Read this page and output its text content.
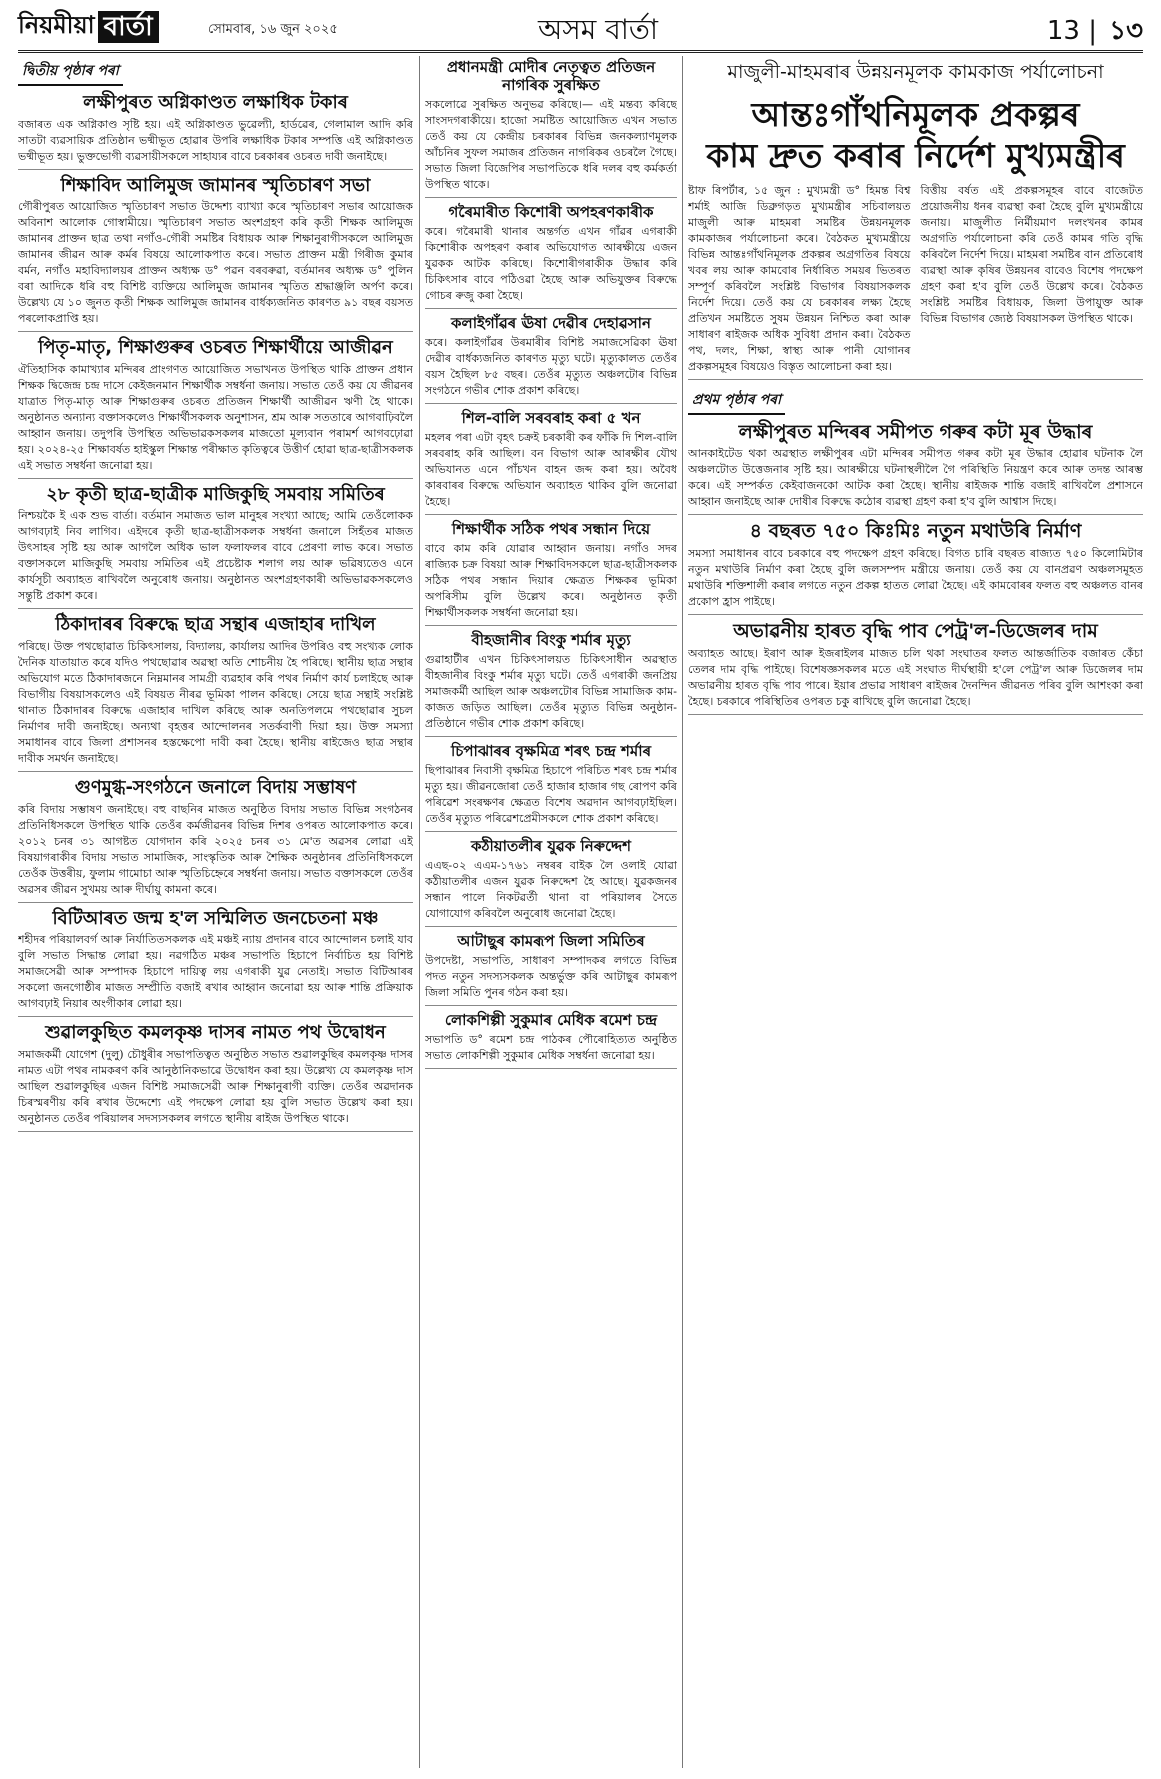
নিয়মীয়া বাৰ্তা	সোমবাৰ, ১৬ জুন ২০২৫	অসম বাৰ্তা	13 | ১৩
দ্বিতীয় পৃষ্ঠাৰ পৰা
লক্ষীপুৰত অগ্নিকাণ্ডত লক্ষাধিক টকাৰ

বজাৰত এক অগ্নিকাণ্ড সৃষ্টি হয়। এই অগ্নিকাণ্ডত ভুৱেল্যী, হাৰ্ডৱেৰ, গেলামাল আদি কৰি সাতটা ব্যৱসায়িক প্ৰতিষ্ঠান ভষ্মীভূত হোৱাৰ উপৰি লক্ষাধিক টকাৰ সম্পত্তি এই অগ্নিকাণ্ডত ভষ্মীভূত হয়। ভুক্তভোগী ব্যৱসায়ীসকলে সাহায্যৰ বাবে চৰকাৰৰ ওচৰত দাবী জনাইছে।

শিক্ষাবিদ আলিমুজ জামানৰ স্মৃতিচাৰণ সভা

গৌৰীপুৰত আয়োজিত স্মৃতিচাৰণ সভাত উদ্দেশ্য ব্যাখ্যা কৰে স্মৃতিচাৰণ সভাৰ আয়োজক অবিনাশ আলোক গোস্বামীয়ে। স্মৃতিচাৰণ সভাত অংশগ্ৰহণ কৰি কৃতী শিক্ষক আলিমুজ জামানৰ প্ৰাক্তন ছাত্ৰ তথা নগাঁও-গৌৰী সমষ্টিৰ বিধায়ক আৰু শিক্ষানুৰাগীসকলে আলিমুজ জামানৰ জীৱন আৰু কৰ্মৰ বিষয়ে আলোকপাত কৰে। সভাত প্ৰাক্তন মন্ত্ৰী গিৰীজ কুমাৰ বৰ্মন, নগাঁও মহাবিদ্যালয়ৰ প্ৰাক্তন অধ্যক্ষ ড° পৱন বৰবৰুৱা, বৰ্তমানৰ অধ্যক্ষ ড° পুলিন বৰা আদিকে ধৰি বহু বিশিষ্ট ব্যক্তিয়ে আলিমুজ জামানৰ স্মৃতিত শ্ৰদ্ধাঞ্জলি অৰ্পণ কৰে। উল্লেখ্য যে ১০ জুনত কৃতী শিক্ষক আলিমুজ জামানৰ বাৰ্ধক্যজনিত কাৰণত ৯১ বছৰ বয়সত পৰলোকপ্ৰাপ্তি হয়।

পিতৃ-মাতৃ, শিক্ষাগুৰুৰ ওচৰত শিক্ষাৰ্থীয়ে আজীৱন

ঐতিহাসিক কামাখ্যাৰ মন্দিৰৰ প্ৰাংগণত আয়োজিত সভাখনত উপস্থিত থাকি প্ৰাক্তন প্ৰধান শিক্ষক দ্বিজেন্দ্ৰ চন্দ্ৰ দাসে কেইজনমান শিক্ষাৰ্থীক সম্বৰ্ধনা জনায়। সভাত তেওঁ কয় যে জীৱনৰ যাত্ৰাত পিতৃ-মাতৃ আৰু শিক্ষাগুৰুৰ ওচৰত প্ৰতিজন শিক্ষাৰ্থী আজীৱন ঋণী হৈ থাকে। অনুষ্ঠানত অন্যান্য বক্তাসকলেও শিক্ষাৰ্থীসকলক অনুশাসন, শ্ৰম আৰু সততাৰে আগবাঢ়িবলৈ আহ্বান জনায়। তদুপৰি উপস্থিত অভিভাৱকসকলৰ মাজতো মূল্যবান পৰামৰ্শ আগবঢ়োৱা হয়। ২০২৪-২৫ শিক্ষাবৰ্ষত হাইস্কুল শিক্ষান্ত পৰীক্ষাত কৃতিত্বৰে উত্তীৰ্ণ হোৱা ছাত্ৰ-ছাত্ৰীসকলক এই সভাত সম্বৰ্ধনা জনোৱা হয়।

২৮ কৃতী ছাত্ৰ-ছাত্ৰীক মাজিকুছি সমবায় সমিতিৰ

নিশ্চয়কৈ ই এক শুভ বাৰ্তা। বৰ্তমান সমাজত ভাল মানুহৰ সংখ্যা আছে; আমি তেওঁলোকক আগবঢ়াই নিব লাগিব। এইদৰে কৃতী ছাত্ৰ-ছাত্ৰীসকলক সম্বৰ্ধনা জনালে সিহঁতৰ মাজত উৎসাহৰ সৃষ্টি হয় আৰু আগলৈ অধিক ভাল ফলাফলৰ বাবে প্ৰেৰণা লাভ কৰে। সভাত বক্তাসকলে মাজিকুছি সমবায় সমিতিৰ এই প্ৰচেষ্টাক শলাগ লয় আৰু ভৱিষ্যতেও এনে কাৰ্যসূচী অব্যাহত ৰাখিবলৈ অনুৰোধ জনায়। অনুষ্ঠানত অংশগ্ৰহণকাৰী অভিভাৱকসকলেও সন্তুষ্টি প্ৰকাশ কৰে।

ঠিকাদাৰৰ বিৰুদ্ধে ছাত্ৰ সন্থাৰ এজাহাৰ দাখিল

পৰিছে। উক্ত পথছোৱাত চিকিৎসালয়, বিদ্যালয়, কাৰ্যালয় আদিৰ উপৰিও বহু সংখ্যক লোক দৈনিক যাতায়াত কৰে যদিও পথছোৱাৰ অৱস্থা অতি শোচনীয় হৈ পৰিছে। স্থানীয় ছাত্ৰ সন্থাৰ অভিযোগ মতে ঠিকাদাৰজনে নিম্নমানৰ সামগ্ৰী ব্যৱহাৰ কৰি পথৰ নিৰ্মাণ কাৰ্য চলাইছে আৰু বিভাগীয় বিষয়াসকলেও এই বিষয়ত নীৰৱ ভূমিকা পালন কৰিছে। সেয়ে ছাত্ৰ সন্থাই সংশ্লিষ্ট থানাত ঠিকাদাৰৰ বিৰুদ্ধে এজাহাৰ দাখিল কৰিছে আৰু অনতিপলমে পথছোৱাৰ সুচল নিৰ্মাণৰ দাবী জনাইছে। অন্যথা বৃহত্তৰ আন্দোলনৰ সতৰ্কবাণী দিয়া হয়। উক্ত সমস্যা সমাধানৰ বাবে জিলা প্ৰশাসনৰ হস্তক্ষেপো দাবী কৰা হৈছে। স্থানীয় ৰাইজেও ছাত্ৰ সন্থাৰ দাবীক সমৰ্থন জনাইছে।

গুণমুগ্ধ-সংগঠনে জনালে বিদায় সম্ভাষণ

কৰি বিদায় সম্ভাষণ জনাইছে। বহু বাছনিৰ মাজত অনুষ্ঠিত বিদায় সভাত বিভিন্ন সংগঠনৰ প্ৰতিনিধিসকলে উপস্থিত থাকি তেওঁৰ কৰ্মজীৱনৰ বিভিন্ন দিশৰ ওপৰত আলোকপাত কৰে। ২০১২ চনৰ ৩১ আগষ্টত যোগদান কৰি ২০২৫ চনৰ ৩১ মে'ত অৱসৰ লোৱা এই বিষয়াগৰাকীৰ বিদায় সভাত সামাজিক, সাংস্কৃতিক আৰু শৈক্ষিক অনুষ্ঠানৰ প্ৰতিনিধিসকলে তেওঁক উত্তৰীয়, ফুলাম গামোচা আৰু স্মৃতিচিহ্নেৰে সম্বৰ্ধনা জনায়। সভাত বক্তাসকলে তেওঁৰ অৱসৰ জীৱন সুখময় আৰু দীৰ্ঘায়ু কামনা কৰে।

বিটিআৰত জন্ম হ'ল সন্মিলিত জনচেতনা মঞ্চ

শহীদৰ পৰিয়ালবৰ্গ আৰু নিৰ্যাতিতসকলক এই মঞ্চই ন্যায় প্ৰদানৰ বাবে আন্দোলন চলাই যাব বুলি সভাত সিদ্ধান্ত লোৱা হয়। নৱগঠিত মঞ্চৰ সভাপতি হিচাপে নিৰ্বাচিত হয় বিশিষ্ট সমাজসেৱী আৰু সম্পাদক হিচাপে দায়িত্ব লয় এগৰাকী যুৱ নেতাই। সভাত বিটিআৰৰ সকলো জনগোষ্ঠীৰ মাজত সম্প্ৰীতি বজাই ৰখাৰ আহ্বান জনোৱা হয় আৰু শান্তি প্ৰক্ৰিয়াক আগবঢ়াই নিয়াৰ অংগীকাৰ লোৱা হয়।

শুৱালকুছিত কমলকৃষ্ণ দাসৰ নামত পথ উদ্বোধন

সমাজকৰ্মী যোগেশ (দুলু) চৌধুৰীৰ সভাপতিত্বত অনুষ্ঠিত সভাত শুৱালকুছিৰ কমলকৃষ্ণ দাসৰ নামত এটা পথৰ নামকৰণ কৰি আনুষ্ঠানিকভাৱে উদ্বোধন কৰা হয়। উল্লেখ্য যে কমলকৃষ্ণ দাস আছিল শুৱালকুছিৰ এজন বিশিষ্ট সমাজসেৱী আৰু শিক্ষানুৰাগী ব্যক্তি। তেওঁৰ অৱদানক চিৰস্মৰণীয় কৰি ৰখাৰ উদ্দেশ্যে এই পদক্ষেপ লোৱা হয় বুলি সভাত উল্লেখ কৰা হয়। অনুষ্ঠানত তেওঁৰ পৰিয়ালৰ সদস্যসকলৰ লগতে স্থানীয় ৰাইজ উপস্থিত থাকে।

প্ৰধানমন্ত্ৰী মোদীৰ নেতৃত্বত প্ৰতিজন নাগৰিক সুৰক্ষিত

সকলোৱে সুৰক্ষিত অনুভৱ কৰিছে।— এই মন্তব্য কৰিছে সাংসদগৰাকীয়ে। হাজো সমষ্টিত আয়োজিত এখন সভাত তেওঁ কয় যে কেন্দ্ৰীয় চৰকাৰৰ বিভিন্ন জনকল্যাণমূলক আঁচনিৰ সুফল সমাজৰ প্ৰতিজন নাগৰিকৰ ওচৰলৈ গৈছে। সভাত জিলা বিজেপিৰ সভাপতিকে ধৰি দলৰ বহু কৰ্মকৰ্তা উপস্থিত থাকে।

গৰৈমাৰীত কিশোৰী অপহৰণকাৰীক

কৰে। গৰৈমাৰী থানাৰ অন্তৰ্গত এখন গাঁৱৰ এগৰাকী কিশোৰীক অপহৰণ কৰাৰ অভিযোগত আৰক্ষীয়ে এজন যুৱকক আটক কৰিছে। কিশোৰীগৰাকীক উদ্ধাৰ কৰি চিকিৎসাৰ বাবে পঠিওৱা হৈছে আৰু অভিযুক্তৰ বিৰুদ্ধে গোচৰ ৰুজু কৰা হৈছে।

কলাইগাঁৱৰ ঊষা দেৱীৰ দেহাৱসান

কৰে। কলাইগাঁৱৰ উৰমাৰীৰ বিশিষ্ট সমাজসেৱিকা ঊষা দেৱীৰ বাৰ্ধক্যজনিত কাৰণত মৃত্যু ঘটে। মৃত্যুকালত তেওঁৰ বয়স হৈছিল ৮৫ বছৰ। তেওঁৰ মৃত্যুত অঞ্চলটোৰ বিভিন্ন সংগঠনে গভীৰ শোক প্ৰকাশ কৰিছে।

শিল-বালি সৰবৰাহ কৰা ৫ খন

মহলৰ পৰা এটা বৃহৎ চক্ৰই চৰকাৰী কৰ ফাঁকি দি শিল-বালি সৰবৰাহ কৰি আছিল। বন বিভাগ আৰু আৰক্ষীৰ যৌথ অভিযানত এনে পাঁচখন বাহন জব্দ কৰা হয়। অবৈধ কাৰবাৰৰ বিৰুদ্ধে অভিযান অব্যাহত থাকিব বুলি জনোৱা হৈছে।

শিক্ষাৰ্থীক সঠিক পথৰ সন্ধান দিয়ে

বাবে কাম কৰি যোৱাৰ আহ্বান জনায়। নগাঁও সদৰ ৰাজ্যিক চক্ৰ বিষয়া আৰু শিক্ষাবিদসকলে ছাত্ৰ-ছাত্ৰীসকলক সঠিক পথৰ সন্ধান দিয়াৰ ক্ষেত্ৰত শিক্ষকৰ ভূমিকা অপৰিসীম বুলি উল্লেখ কৰে। অনুষ্ঠানত কৃতী শিক্ষাৰ্থীসকলক সম্বৰ্ধনা জনোৱা হয়।

বীহজানীৰ বিংকু শৰ্মাৰ মৃত্যু

গুৱাহাটীৰ এখন চিকিৎসালয়ত চিকিৎসাধীন অৱস্থাত বীহজানীৰ বিংকু শৰ্মাৰ মৃত্যু ঘটে। তেওঁ এগৰাকী জনপ্ৰিয় সমাজকৰ্মী আছিল আৰু অঞ্চলটোৰ বিভিন্ন সামাজিক কাম-কাজত জড়িত আছিল। তেওঁৰ মৃত্যুত বিভিন্ন অনুষ্ঠান-প্ৰতিষ্ঠানে গভীৰ শোক প্ৰকাশ কৰিছে।

চিপাঝাৰৰ বৃক্ষমিত্ৰ শৰৎ চন্দ্ৰ শৰ্মাৰ

ছিপাঝাৰৰ নিবাসী বৃক্ষমিত্ৰ হিচাপে পৰিচিত শৰৎ চন্দ্ৰ শৰ্মাৰ মৃত্যু হয়। জীৱনজোৰা তেওঁ হাজাৰ হাজাৰ গছ ৰোপণ কৰি পৰিৱেশ সংৰক্ষণৰ ক্ষেত্ৰত বিশেষ অৱদান আগবঢ়াইছিল। তেওঁৰ মৃত্যুত পৰিৱেশপ্ৰেমীসকলে শোক প্ৰকাশ কৰিছে।

কঠীয়াতলীৰ যুৱক নিৰুদ্দেশ

এএছ-০২ এএম-১৭৬১ নম্বৰৰ বাইক লৈ ওলাই যোৱা কঠীয়াতলীৰ এজন যুৱক নিৰুদ্দেশ হৈ আছে। যুৱকজনৰ সন্ধান পালে নিকটৱৰ্তী থানা বা পৰিয়ালৰ সৈতে যোগাযোগ কৰিবলৈ অনুৰোধ জনোৱা হৈছে।

আটাছুৰ কামৰূপ জিলা সমিতিৰ

উপদেষ্টা, সভাপতি, সাধাৰণ সম্পাদকৰ লগতে বিভিন্ন পদত নতুন সদস্যসকলক অন্তৰ্ভুক্ত কৰি আটাছুৰ কামৰূপ জিলা সমিতি পুনৰ গঠন কৰা হয়।

লোকশিল্পী সুকুমাৰ মেধিক ৰমেশ চন্দ্ৰ

সভাপতি ড° ৰমেশ চন্দ্ৰ পাঠকৰ পৌৰোহিত্যত অনুষ্ঠিত সভাত লোকশিল্পী সুকুমাৰ মেধিক সম্বৰ্ধনা জনোৱা হয়।

মাজুলী-মাহমৰাৰ উন্নয়নমূলক কামকাজ পৰ্যালোচনা
আন্তঃগাঁথনিমূলক প্ৰকল্পৰ
কাম দ্ৰুত কৰাৰ নিৰ্দেশ মুখ্যমন্ত্ৰীৰ

ষ্টাফ ৰিপৰ্টাৰ, ১৫ জুন : মুখ্যমন্ত্ৰী ড° হিমন্ত বিশ্ব শৰ্মাই আজি ডিব্ৰুগড়ত মুখ্যমন্ত্ৰীৰ সচিবালয়ত মাজুলী আৰু মাহমৰা সমষ্টিৰ উন্নয়নমূলক কামকাজৰ পৰ্যালোচনা কৰে। বৈঠকত মুখ্যমন্ত্ৰীয়ে বিভিন্ন আন্তঃগাঁথনিমূলক প্ৰকল্পৰ অগ্ৰগতিৰ বিষয়ে খবৰ লয় আৰু কামবোৰ নিৰ্ধাৰিত সময়ৰ ভিতৰত সম্পূৰ্ণ কৰিবলৈ সংশ্লিষ্ট বিভাগৰ বিষয়াসকলক নিৰ্দেশ দিয়ে। তেওঁ কয় যে চৰকাৰৰ লক্ষ্য হৈছে প্ৰতিখন সমষ্টিতে সুষম উন্নয়ন নিশ্চিত কৰা আৰু সাধাৰণ ৰাইজক অধিক সুবিধা প্ৰদান কৰা। বৈঠকত পথ, দলং, শিক্ষা, স্বাস্থ্য আৰু পানী যোগানৰ প্ৰকল্পসমূহৰ বিষয়েও বিস্তৃত আলোচনা কৰা হয়।

বিত্তীয় বৰ্ষত এই প্ৰকল্পসমূহৰ বাবে বাজেটত প্ৰয়োজনীয় ধনৰ ব্যৱস্থা কৰা হৈছে বুলি মুখ্যমন্ত্ৰীয়ে জনায়। মাজুলীত নিৰ্মীয়মাণ দলংখনৰ কামৰ অগ্ৰগতি পৰ্যালোচনা কৰি তেওঁ কামৰ গতি বৃদ্ধি কৰিবলৈ নিৰ্দেশ দিয়ে। মাহমৰা সমষ্টিৰ বান প্ৰতিৰোধ ব্যৱস্থা আৰু কৃষিৰ উন্নয়নৰ বাবেও বিশেষ পদক্ষেপ গ্ৰহণ কৰা হ'ব বুলি তেওঁ উল্লেখ কৰে। বৈঠকত সংশ্লিষ্ট সমষ্টিৰ বিধায়ক, জিলা উপায়ুক্ত আৰু বিভিন্ন বিভাগৰ জ্যেষ্ঠ বিষয়াসকল উপস্থিত থাকে।

প্ৰথম পৃষ্ঠাৰ পৰা
লক্ষীপুৰত মন্দিৰৰ সমীপত গৰুৰ কটা মূৰ উদ্ধাৰ

আনকাইটেড থকা অৱস্থাত লক্ষীপুৰৰ এটা মন্দিৰৰ সমীপত গৰুৰ কটা মূৰ উদ্ধাৰ হোৱাৰ ঘটনাক লৈ অঞ্চলটোত উত্তেজনাৰ সৃষ্টি হয়। আৰক্ষীয়ে ঘটনাস্থলীলৈ গৈ পৰিস্থিতি নিয়ন্ত্ৰণ কৰে আৰু তদন্ত আৰম্ভ কৰে। এই সম্পৰ্কত কেইবাজনকো আটক কৰা হৈছে। স্থানীয় ৰাইজক শান্তি বজাই ৰাখিবলৈ প্ৰশাসনে আহ্বান জনাইছে আৰু দোষীৰ বিৰুদ্ধে কঠোৰ ব্যৱস্থা গ্ৰহণ কৰা হ'ব বুলি আশ্বাস দিছে।

৪ বছৰত ৭৫০ কিঃমিঃ নতুন মথাউৰি নিৰ্মাণ

সমস্যা সমাধানৰ বাবে চৰকাৰে বহু পদক্ষেপ গ্ৰহণ কৰিছে। বিগত চাৰি বছৰত ৰাজ্যত ৭৫০ কিলোমিটাৰ নতুন মথাউৰি নিৰ্মাণ কৰা হৈছে বুলি জলসম্পদ মন্ত্ৰীয়ে জনায়। তেওঁ কয় যে বানপ্ৰৱণ অঞ্চলসমূহত মথাউৰি শক্তিশালী কৰাৰ লগতে নতুন প্ৰকল্প হাতত লোৱা হৈছে। এই কামবোৰৰ ফলত বহু অঞ্চলত বানৰ প্ৰকোপ হ্ৰাস পাইছে।

অভাৱনীয় হাৰত বৃদ্ধি পাব পেট্ৰ'ল-ডিজেলৰ দাম

অব্যাহত আছে। ইৰাণ আৰু ইজৰাইলৰ মাজত চলি থকা সংঘাতৰ ফলত আন্তৰ্জাতিক বজাৰত কেঁচা তেলৰ দাম বৃদ্ধি পাইছে। বিশেষজ্ঞসকলৰ মতে এই সংঘাত দীৰ্ঘস্থায়ী হ'লে পেট্ৰ'ল আৰু ডিজেলৰ দাম অভাৱনীয় হাৰত বৃদ্ধি পাব পাৰে। ইয়াৰ প্ৰভাৱ সাধাৰণ ৰাইজৰ দৈনন্দিন জীৱনত পৰিব বুলি আশংকা কৰা হৈছে। চৰকাৰে পৰিস্থিতিৰ ওপৰত চকু ৰাখিছে বুলি জনোৱা হৈছে।
